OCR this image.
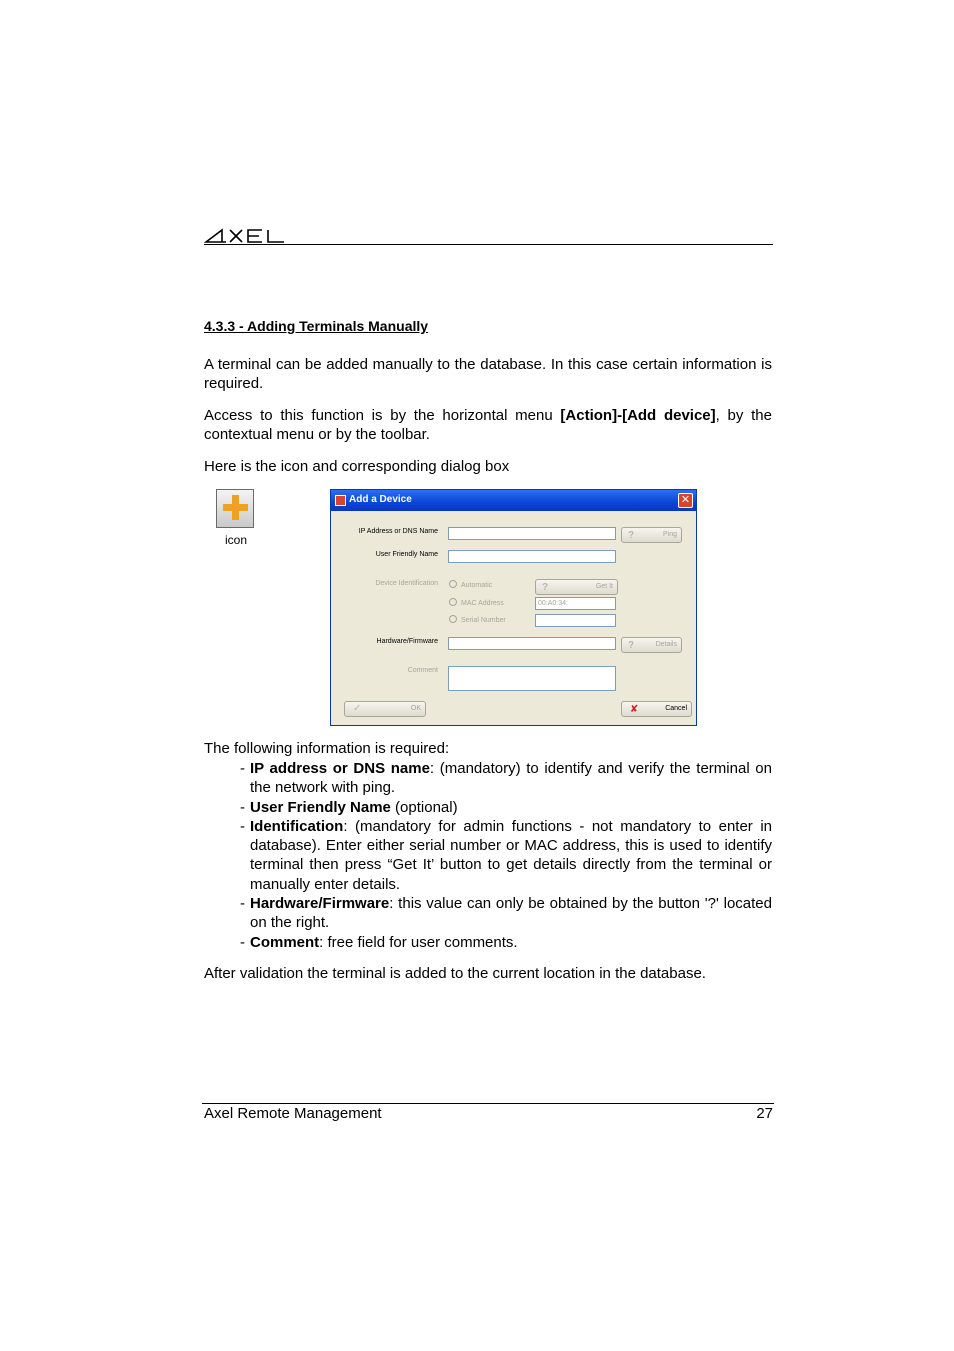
4.3.3 - Adding Terminals Manually
A terminal can be added manually to the database. In this case certain information is required.
Access to this function is by the horizontal menu [Action]-[Add device], by the contextual menu or by the toolbar.
Here is the icon and corresponding dialog box
icon
Add a Device	✕
IP Address or DNS Name	?	Ping
User Friendly Name
Device Identification	Automatic	?	Get It
MAC Address	00:A0:34:
Serial Number
Hardware/Firmware	?	Details
Comment
✓	OK	✘	Cancel
The following information is required:
- IP address or DNS name: (mandatory) to identify and verify the terminal on the network with ping.
- User Friendly Name (optional)
- Identification: (mandatory for admin functions - not mandatory to enter in database). Enter either serial number or MAC address, this is used to identify terminal then press “Get It’ button to get details directly from the terminal or manually enter details.
- Hardware/Firmware: this value can only be obtained by the button '?' located on the right.
- Comment: free field for user comments.
After validation the terminal is added to the current location in the database.
Axel Remote Management	27
